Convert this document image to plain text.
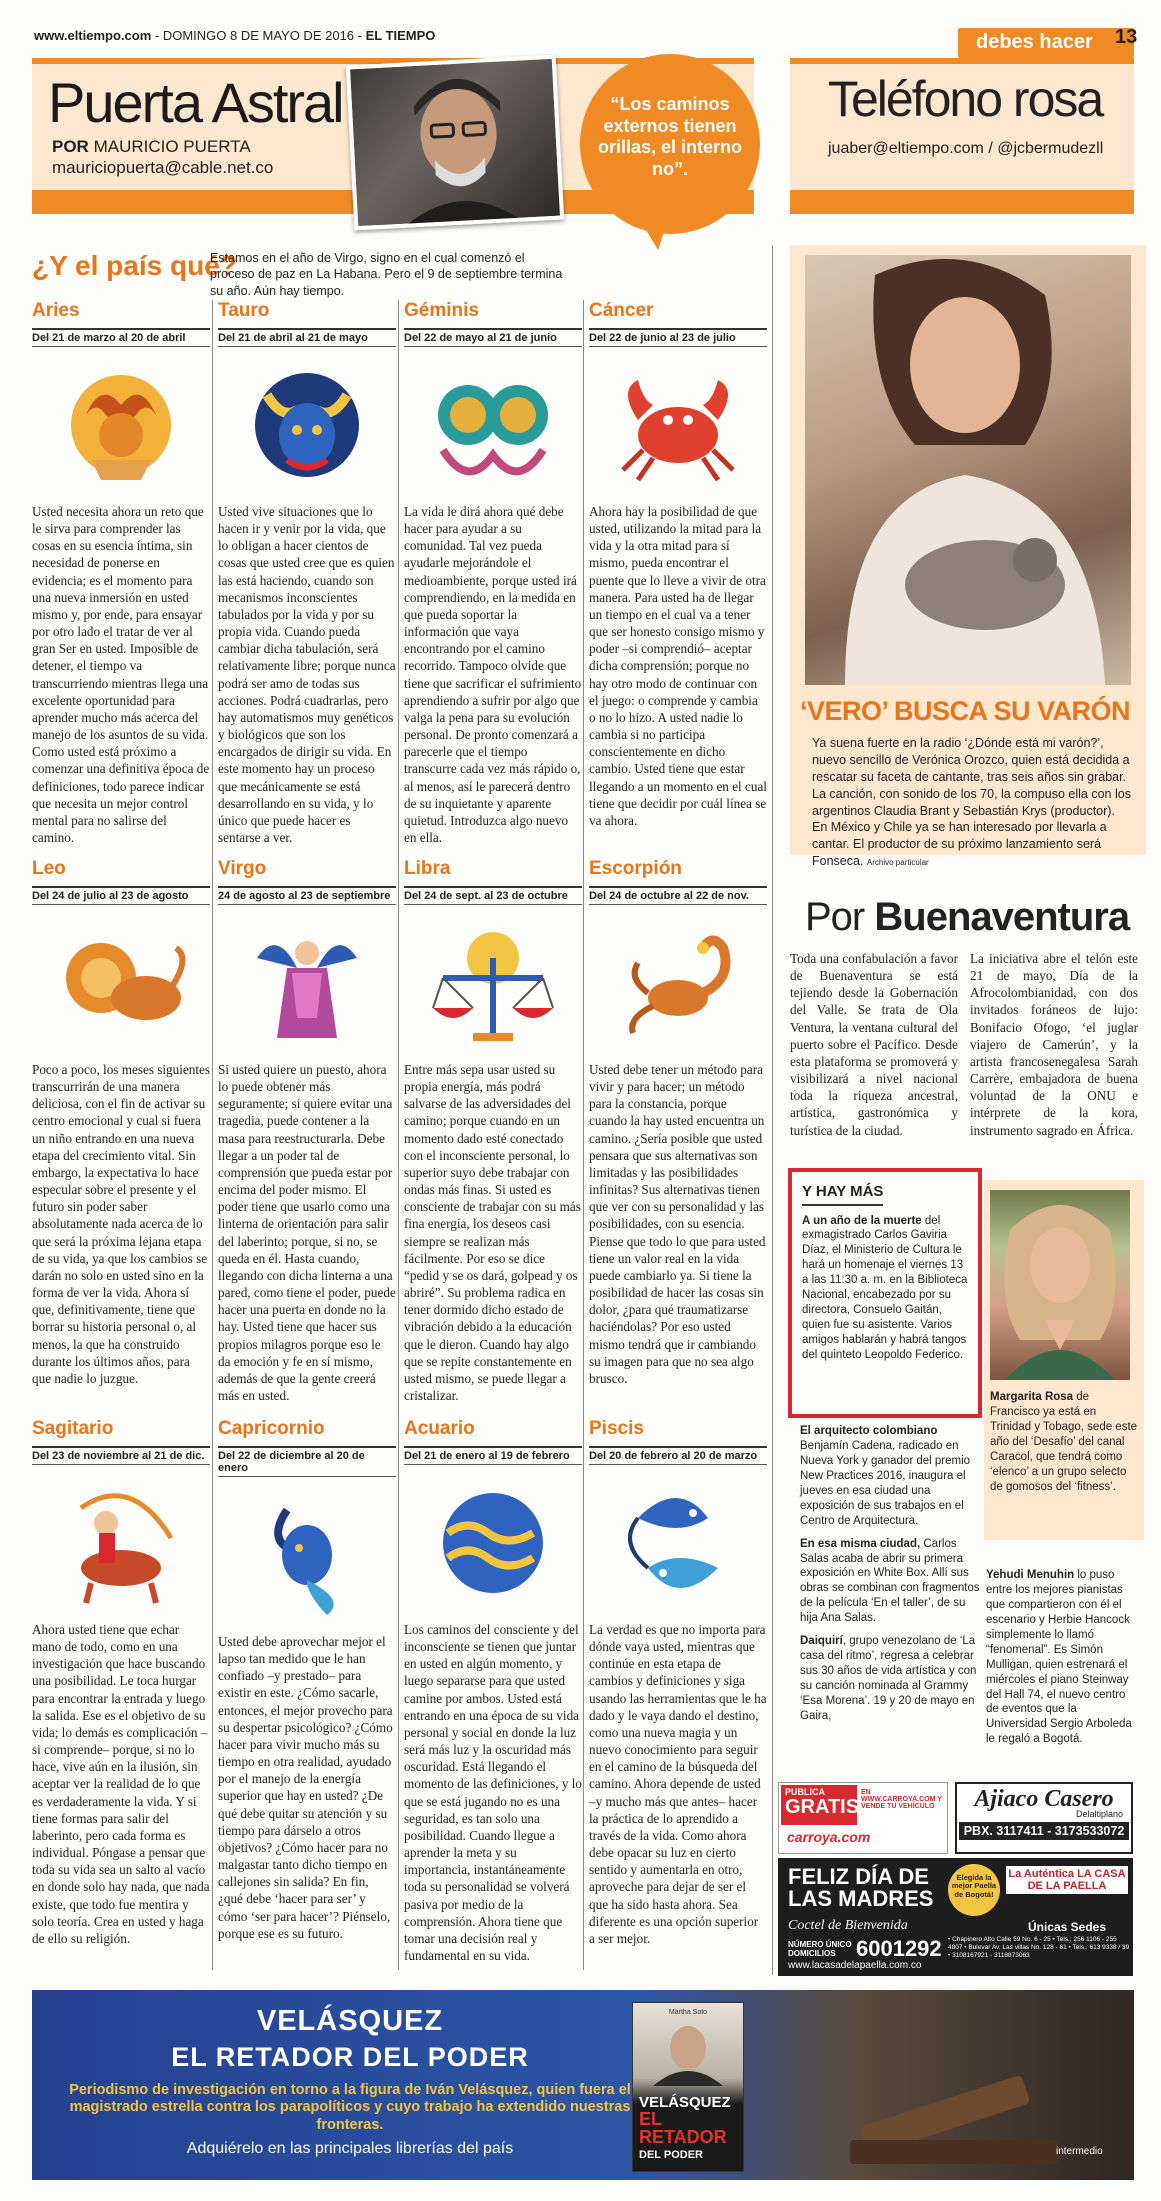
www.eltiempo.com - DOMINGO 8 DE MAYO DE 2016 - EL TIEMPO	debes hacer	13
Puerta Astral
POR MAURICIO PUERTA
mauriciopuerta@cable.net.co
“Los caminos externos tienen orillas, el interno no”.
Teléfono rosa
juaber@eltiempo.com / @jcbermudezll
¿Y el país qué?
Estamos en el año de Virgo, signo en el cual comenzó el proceso de paz en La Habana. Pero el 9 de septiembre termina su año. Aún hay tiempo.
Aries
Del 21 de marzo al 20 de abril
Usted necesita ahora un reto que le sirva para comprender las cosas en su esencia íntima, sin necesidad de ponerse en evidencia; es el momento para una nueva inmersión en usted mismo y, por ende, para ensayar por otro lado el tratar de ver al gran Ser en usted. Imposible de detener, el tiempo va transcurriendo mientras llega una excelente oportunidad para aprender mucho más acerca del manejo de los asuntos de su vida. Como usted está próximo a comenzar una definitiva época de definiciones, todo parece indicar que necesita un mejor control mental para no salirse del camino.
Tauro
Del 21 de abril al 21 de mayo
Usted vive situaciones que lo hacen ir y venir por la vida, que lo obligan a hacer cientos de cosas que usted cree que es quien las está haciendo, cuando son mecanismos inconscientes tabulados por la vida y por su propia vida. Cuando pueda cambiar dicha tabulación, será relativamente libre; porque nunca podrá ser amo de todas sus acciones. Podrá cuadrarlas, pero hay automatismos muy genéticos y biológicos que son los encargados de dirigir su vida. En este momento hay un proceso que mecánicamente se está desarrollando en su vida, y lo único que puede hacer es sentarse a ver.
Géminis
Del 22 de mayo al 21 de junio
La vida le dirá ahora qué debe hacer para ayudar a su comunidad. Tal vez pueda ayudarle mejorándole el medioambiente, porque usted irá comprendiendo, en la medida en que pueda soportar la información que vaya encontrando por el camino recorrido. Tampoco olvide que tiene que sacrificar el sufrimiento aprendiendo a sufrir por algo que valga la pena para su evolución personal. De pronto comenzará a parecerle que el tiempo transcurre cada vez más rápido o, al menos, así le parecerá dentro de su inquietante y aparente quietud. Introduzca algo nuevo en ella.
Cáncer
Del 22 de junio al 23 de julio
Ahora hay la posibilidad de que usted, utilizando la mitad para la vida y la otra mitad para sí mismo, pueda encontrar el puente que lo lleve a vivir de otra manera. Para usted ha de llegar un tiempo en el cual va a tener que ser honesto consigo mismo y poder –si comprendió– aceptar dicha comprensión; porque no hay otro modo de continuar con el juego: o comprende y cambia o no lo hizo. A usted nadie lo cambia si no participa conscientemente en dicho cambio. Usted tiene que estar llegando a un momento en el cual tiene que decidir por cuál línea se va ahora.
Leo
Del 24 de julio al 23 de agosto
Poco a poco, los meses siguientes transcurrirán de una manera deliciosa, con el fin de activar su centro emocional y cual si fuera un niño entrando en una nueva etapa del crecimiento vital. Sin embargo, la expectativa lo hace especular sobre el presente y el futuro sin poder saber absolutamente nada acerca de lo que será la próxima lejana etapa de su vida, ya que los cambios se darán no solo en usted sino en la forma de ver la vida. Ahora sí que, definitivamente, tiene que borrar su historia personal o, al menos, la que ha construido durante los últimos años, para que nadie lo juzgue.
Virgo
24 de agosto al 23 de septiembre
Si usted quiere un puesto, ahora lo puede obtener más seguramente; si quiere evitar una tragedia, puede contener a la masa para reestructurarla. Debe llegar a un poder tal de comprensión que pueda estar por encima del poder mismo. El poder tiene que usarlo como una linterna de orientación para salir del laberinto; porque, si no, se queda en él. Hasta cuando, llegando con dicha linterna a una pared, como tiene el poder, puede hacer una puerta en donde no la hay. Usted tiene que hacer sus propios milagros porque eso le da emoción y fe en sí mismo, además de que la gente creerá más en usted.
Libra
Del 24 de sept. al 23 de octubre
Entre más sepa usar usted su propia energía, más podrá salvarse de las adversidades del camino; porque cuando en un momento dado esté conectado con el inconsciente personal, lo superior suyo debe trabajar con ondas más finas. Si usted es consciente de trabajar con su más fina energía, los deseos casi siempre se realizan más fácilmente. Por eso se dice “pedid y se os dará, golpead y os abriré”. Su problema radica en tener dormido dicho estado de vibración debido a la educación que le dieron. Cuando hay algo que se repite constantemente en usted mismo, se puede llegar a cristalizar.
Escorpión
Del 24 de octubre al 22 de nov.
Usted debe tener un método para vivir y para hacer; un método para la constancia, porque cuando la hay usted encuentra un camino. ¿Sería posible que usted pensara que sus alternativas son limitadas y las posibilidades infinitas? Sus alternativas tienen que ver con su personalidad y las posibilidades, con su esencia. Piense que todo lo que para usted tiene un valor real en la vida puede cambiarlo ya. Si tiene la posibilidad de hacer las cosas sin dolor, ¿para qué traumatizarse haciéndolas? Por eso usted mismo tendrá que ir cambiando su imagen para que no sea algo brusco.
Sagitario
Del 23 de noviembre al 21 de dic.
Ahora usted tiene que echar mano de todo, como en una investigación que hace buscando una posibilidad. Le toca hurgar para encontrar la entrada y luego la salida. Ese es el objetivo de su vida; lo demás es complicación –si comprende– porque, si no lo hace, vive aún en la ilusión, sin aceptar ver la realidad de lo que es verdaderamente la vida. Y si tiene formas para salir del laberinto, pero cada forma es individual. Póngase a pensar que toda su vida sea un salto al vacío en donde solo hay nada, que nada existe, que todo fue mentira y solo teoría. Crea en usted y haga de ello su religión.
Capricornio
Del 22 de diciembre al 20 de enero
Usted debe aprovechar mejor el lapso tan medido que le han confiado –y prestado– para existir en este. ¿Cómo sacarle, entonces, el mejor provecho para su despertar psicológico? ¿Cómo hacer para vivir mucho más su tiempo en otra realidad, ayudado por el manejo de la energía superior que hay en usted? ¿De qué debe quitar su atención y su tiempo para dárselo a otros objetivos? ¿Cómo hacer para no malgastar tanto dicho tiempo en callejones sin salida? En fin, ¿qué debe ‘hacer para ser’ y cómo ‘ser para hacer’? Piénselo, porque ese es su futuro.
Acuario
Del 21 de enero al 19 de febrero
Los caminos del consciente y del inconsciente se tienen que juntar en usted en algún momento, y luego separarse para que usted camine por ambos. Usted está entrando en una época de su vida personal y social en donde la luz será más luz y la oscuridad más oscuridad. Está llegando el momento de las definiciones, y lo que se está jugando no es una seguridad, es tan solo una posibilidad. Cuando llegue a aprender la meta y su importancia, instantáneamente toda su personalidad se volverá pasiva por medio de la comprensión. Ahora tiene que tomar una decisión real y fundamental en su vida.
Piscis
Del 20 de febrero al 20 de marzo
La verdad es que no importa para dónde vaya usted, mientras que continúe en esta etapa de cambios y definiciones y siga usando las herramientas que le ha dado y le vaya dando el destino, como una nueva magia y un nuevo conocimiento para seguir en el camino de la búsqueda del camino. Ahora depende de usted –y mucho más que antes– hacer la práctica de lo aprendido a través de la vida. Como ahora debe opacar su luz en cierto sentido y aumentarla en otro, aproveche para dejar de ser el que ha sido hasta ahora. Sea diferente es una opción superior a ser mejor.
‘VERO’ BUSCA SU VARÓN
Ya suena fuerte en la radio ‘¿Dónde está mi varón?’, nuevo sencillo de Verónica Orozco, quien está decidida a rescatar su faceta de cantante, tras seis años sin grabar. La canción, con sonido de los 70, la compuso ella con los argentinos Claudia Brant y Sebastián Krys (productor). En México y Chile ya se han interesado por llevarla a cantar. El productor de su próximo lanzamiento será Fonseca. Archivo particular
Por Buenaventura
Toda una confabulación a favor de Buenaventura se está tejiendo desde la Gobernación del Valle. Se trata de Ola Ventura, la ventana cultural del puerto sobre el Pacífico. Desde esta plataforma se promoverá y visibilizará a nivel nacional toda la riqueza ancestral, artística, gastronómica y turística de la ciudad.
La iniciativa abre el telón este 21 de mayo, Día de la Afrocolombianidad, con dos invitados foráneos de lujo: Bonifacio Ofogo, ‘el juglar viajero de Camerún’, y la artista francosenegalesa Sarah Carrère, embajadora de buena voluntad de la ONU e intérprete de la kora, instrumento sagrado en África.
Y HAY MÁS
A un año de la muerte del exmagistrado Carlos Gaviria Díaz, el Ministerio de Cultura le hará un homenaje el viernes 13 a las 11:30 a. m. en la Biblioteca Nacional, encabezado por su directora, Consuelo Gaitán, quien fue su asistente. Varios amigos hablarán y habrá tangos del quinteto Leopoldo Federico.
Margarita Rosa de Francisco ya está en Trinidad y Tobago, sede este año del ‘Desafío’ del canal Caracol, que tendrá como ‘elenco’ a un grupo selecto de gomosos del ‘fitness’.
El arquitecto colombiano Benjamín Cadena, radicado en Nueva York y ganador del premio New Practices 2016, inaugura el jueves en esa ciudad una exposición de sus trabajos en el Centro de Arquitectura.
En esa misma ciudad, Carlos Salas acaba de abrir su primera exposición en White Box. Allí sus obras se combinan con fragmentos de la película ‘En el taller’, de su hija Ana Salas.
Daiquirí, grupo venezolano de ‘La casa del ritmo’, regresa a celebrar sus 30 años de vida artística y con su canción nominada al Grammy ‘Esa Morena’. 19 y 20 de mayo en Gaira,
Yehudi Menuhin lo puso entre los mejores pianistas que compartieron con él el escenario y Herbie Hancock simplemente lo llamó “fenomenal”. Es Simón Mulligan, quien estrenará el miércoles el piano Steinway del Hall 74, el nuevo centro de eventos que la Universidad Sergio Arboleda le regaló a Bogotá.
PUBLICA
GRATIS
EN WWW.CARROYA.COM Y VENDE TU VEHÍCULO
carroya.com
Ajiaco Casero
Delaltiplano
PBX. 3117411 - 3173533072
FELIZ DÍA DE LAS MADRES
Coctel de Bienvenida
NÚMERO ÚNICO DOMICILIOS 6001292
www.lacasadelapaella.com.co
Elegida la mejor Paella de Bogotá!
La Auténtica LA CASA DE LA PAELLA
Únicas Sedes
• Chapinero Alto Calle 59 No. 6 - 25 • Tels.: 256 1106 - 255 4807 • Bulevar Av. Las villas No. 128 - 61 • Tels.: 613 9338 / 39 • 3108167921 - 3118873063
VELÁSQUEZ
EL RETADOR DEL PODER
Periodismo de investigación en torno a la figura de Iván Velásquez, quien fuera el magistrado estrella contra los parapolíticos y cuyo trabajo ha extendido nuestras fronteras.
Adquiérelo en las principales librerías del país
Martha Soto
VELÁSQUEZ
EL RETADOR
DEL PODER	intermedio
